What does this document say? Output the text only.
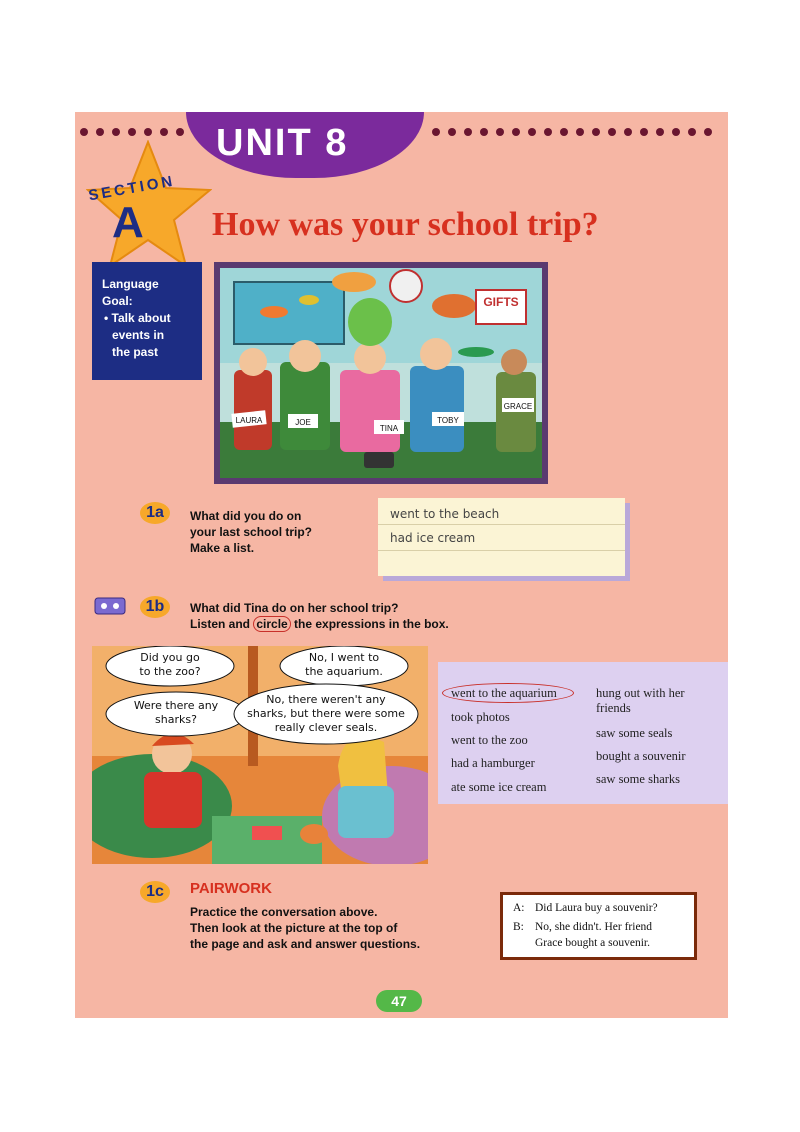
UNIT 8
SECTION
A How was your school trip?
Language
Goal:
• Talk about
events in
the past
GIFTS
LAURA	JOE
TINA
TOBY
GRACE
1a	What did you do on
your last school trip?
Make a list.
went to the beach
had ice cream
1b	What did Tina do on her school trip?
Listen and circle the expressions in the box.
Did you go
to the zoo?
No, I went to
the aquarium.
Were there any
sharks?
No, there weren't any
sharks, but there were some
really clever seals.
went to the aquarium
took photos
went to the zoo
had a hamburger
ate some ice cream
hung out with her
friends
saw some seals
bought a souvenir
saw some sharks
1c	PAIRWORK
Practice the conversation above.
Then look at the picture at the top of
the page and ask and answer questions.
A: Did Laura buy a souvenir?
B: No, she didn't. Her friend
Grace bought a souvenir.
47
